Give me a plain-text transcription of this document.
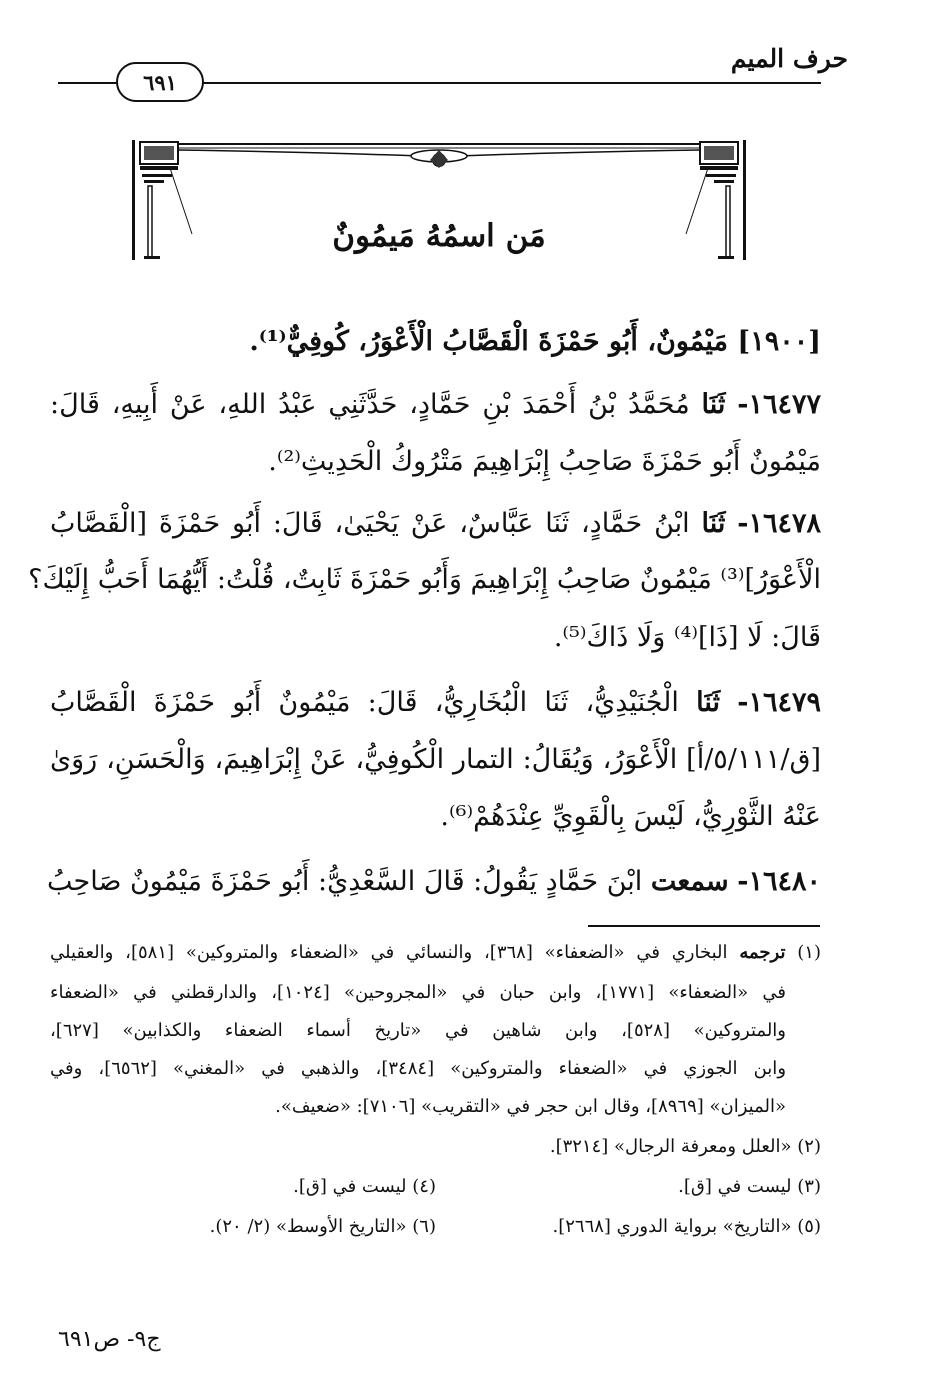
حرف الميم
٦٩١
مَن اسمُهُ مَيمُونٌ
[١٩٠٠] مَيْمُونٌ، أَبُو حَمْزَةَ الْقَصَّابُ الْأَعْوَرُ، كُوفِيٌّ⁽¹⁾.
١٦٤٧٧- ثَنَا مُحَمَّدُ بْنُ أَحْمَدَ بْنِ حَمَّادٍ، حَدَّثَنِي عَبْدُ اللهِ، عَنْ أَبِيهِ، قَالَ:
مَيْمُونٌ أَبُو حَمْزَةَ صَاحِبُ إِبْرَاهِيمَ مَتْرُوكُ الْحَدِيثِ⁽²⁾.
١٦٤٧٨- ثَنَا ابْنُ حَمَّادٍ، ثَنَا عَبَّاسٌ، عَنْ يَحْيَىٰ، قَالَ: أَبُو حَمْزَةَ [الْقَصَّابُ
الْأَعْوَرُ]⁽³⁾ مَيْمُونٌ صَاحِبُ إِبْرَاهِيمَ وَأَبُو حَمْزَةَ ثَابِتٌ، قُلْتُ: أَيُّهُمَا أَحَبُّ إِلَيْكَ؟
قَالَ: لَا [ذَا]⁽⁴⁾ وَلَا ذَاكَ⁽⁵⁾.
١٦٤٧٩- ثَنَا الْجُنَيْدِيُّ، ثَنَا الْبُخَارِيُّ، قَالَ: مَيْمُونٌ أَبُو حَمْزَةَ الْقَصَّابُ
[ق/٥/١١١/أ] الْأَعْوَرُ، وَيُقَالُ: التمار الْكُوفِيُّ، عَنْ إِبْرَاهِيمَ، وَالْحَسَنِ، رَوَىٰ
عَنْهُ الثَّوْرِيُّ، لَيْسَ بِالْقَوِيِّ عِنْدَهُمْ⁽⁶⁾.
١٦٤٨٠- سمعت ابْنَ حَمَّادٍ يَقُولُ: قَالَ السَّعْدِيُّ: أَبُو حَمْزَةَ مَيْمُونٌ صَاحِبُ
(١) ترجمه البخاري في «الضعفاء» [٣٦٨]، والنسائي في «الضعفاء والمتروكين» [٥٨١]، والعقيلي
في «الضعفاء» [١٧٧١]، وابن حبان في «المجروحين» [١٠٢٤]، والدارقطني في «الضعفاء
والمتروكين» [٥٢٨]، وابن شاهين في «تاريخ أسماء الضعفاء والكذابين» [٦٢٧]،
وابن الجوزي في «الضعفاء والمتروكين» [٣٤٨٤]، والذهبي في «المغني» [٦٥٦٢]، وفي
«الميزان» [٨٩٦٩]، وقال ابن حجر في «التقريب» [٧١٠٦]: «ضعيف».
(٢) «العلل ومعرفة الرجال» [٣٢١٤].
(٣) ليست في [ق].
(٤) ليست في [ق].
(٥) «التاريخ» برواية الدوري [٢٦٦٨].
(٦) «التاريخ الأوسط» (٢/ ٢٠).
ج٩- ص٦٩١
